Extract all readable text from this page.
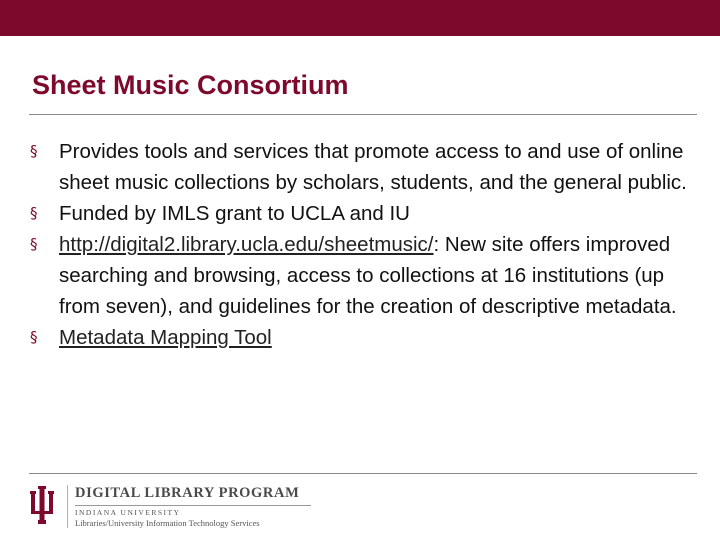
Sheet Music Consortium
§	Provides tools and services that promote access to and use of online sheet music collections by scholars, students, and the general public.
§	Funded by IMLS grant to UCLA and IU
§	http://digital2.library.ucla.edu/sheetmusic/: New site offers improved searching and browsing, access to collections at 16 institutions (up from seven), and guidelines for the creation of descriptive metadata.
§	Metadata Mapping Tool
DIGITAL LIBRARY PROGRAM
INDIANA UNIVERSITY
Libraries/University Information Technology Services
